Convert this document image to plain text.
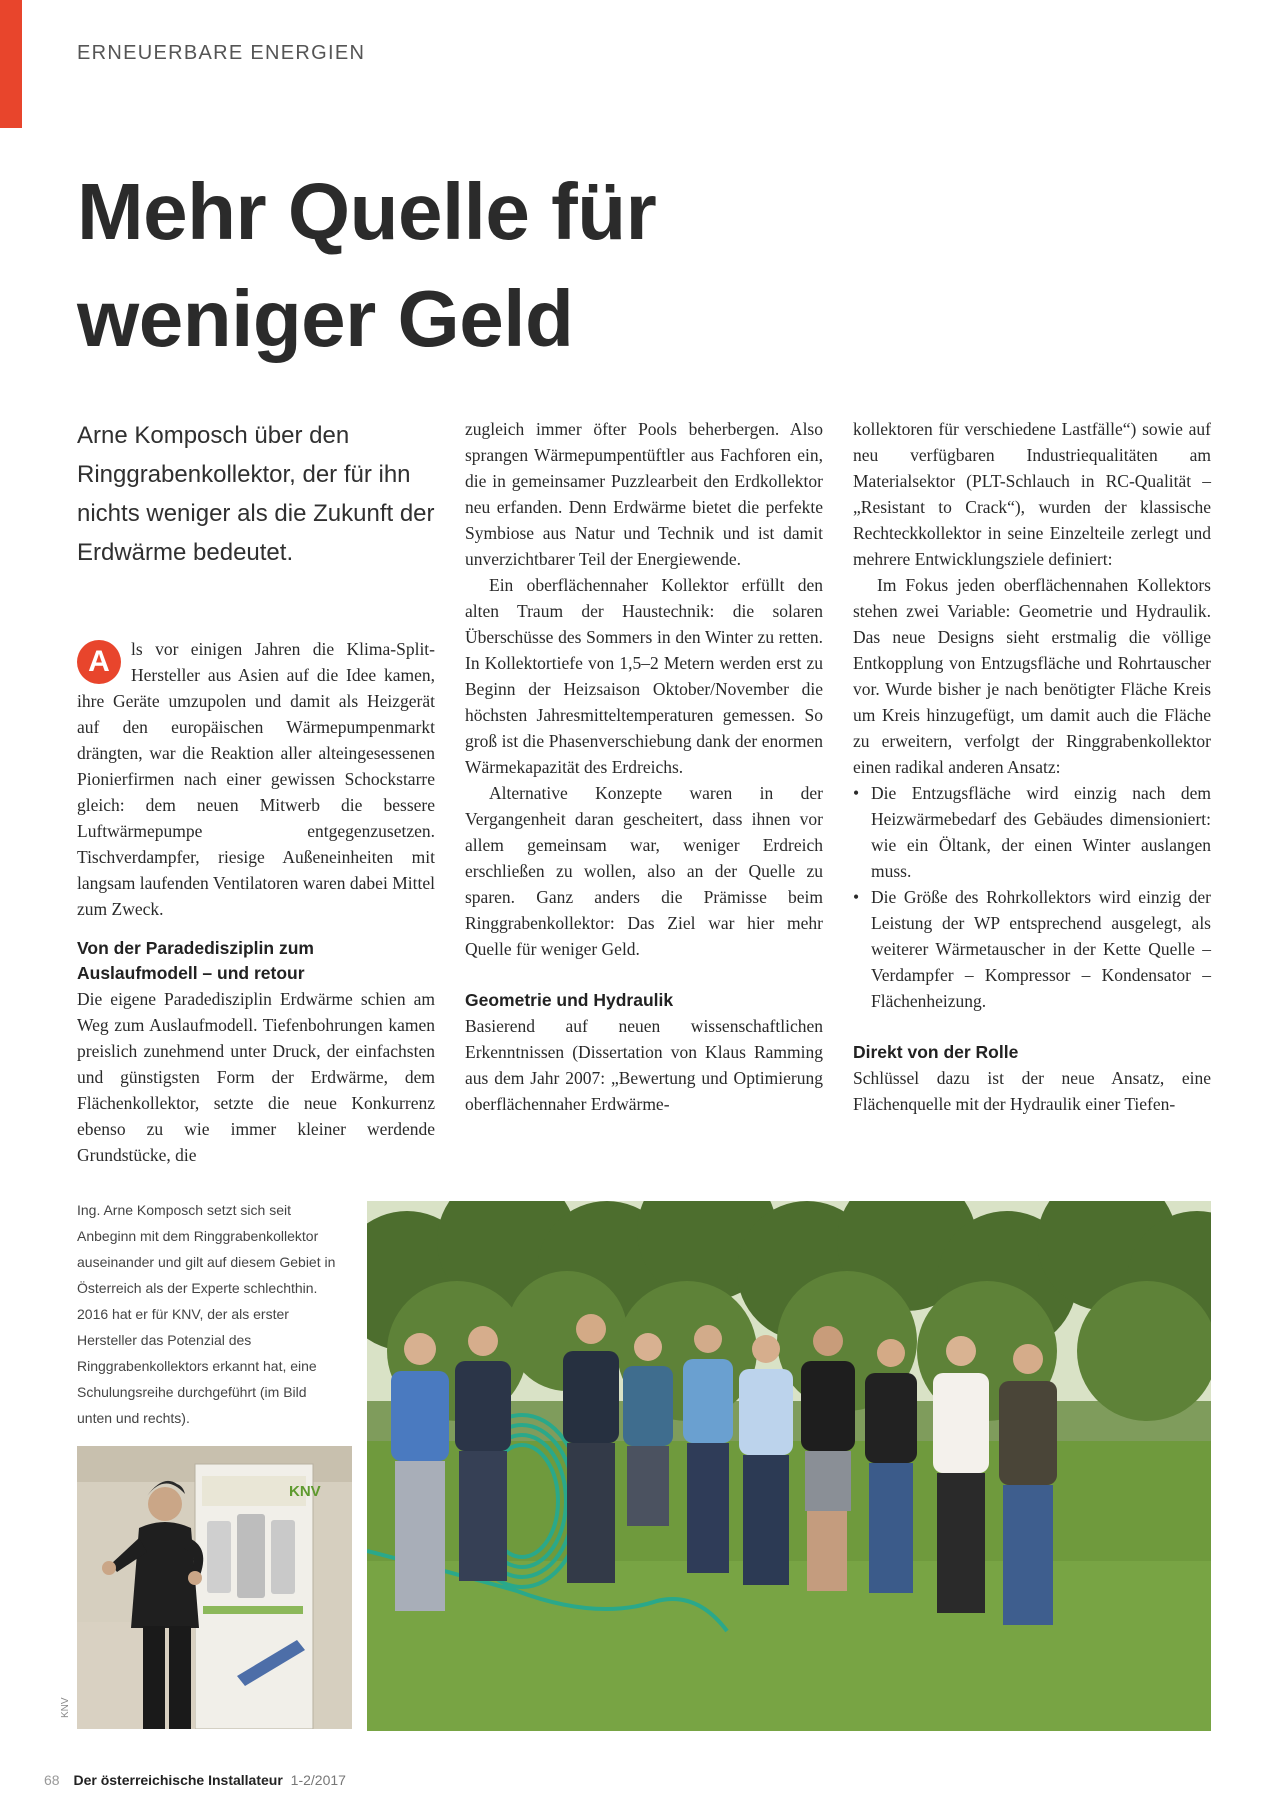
ERNEUERBARE ENERGIEN
Mehr Quelle für
weniger Geld

Arne Komposch über den Ringgrabenkollektor, der für ihn nichts weniger als die Zukunft der Erdwärme bedeutet.

A	ls vor einigen Jahren die Klima-Split-Hersteller aus Asien auf die Idee kamen, ihre Geräte umzupolen und damit als Heizgerät auf den europäischen Wärmepumpenmarkt drängten, war die Reaktion aller alteingesessenen Pionierfirmen nach einer gewissen Schockstarre gleich: dem neuen Mitwerb die bessere Luftwärmepumpe entgegenzusetzen. Tischverdampfer, riesige Außeneinheiten mit langsam laufenden Ventilatoren waren dabei Mittel zum Zweck.

Von der Paradedisziplin zum Auslaufmodell – und retour

Die eigene Paradedisziplin Erdwärme schien am Weg zum Auslaufmodell. Tiefenbohrungen kamen preislich zunehmend unter Druck, der einfachsten und günstigsten Form der Erdwärme, dem Flächenkollektor, setzte die neue Konkurrenz ebenso zu wie immer kleiner werdende Grundstücke, die

zugleich immer öfter Pools beherbergen. Also sprangen Wärmepumpentüftler aus Fachforen ein, die in gemeinsamer Puzzlearbeit den Erdkollektor neu erfanden. Denn Erdwärme bietet die perfekte Symbiose aus Natur und Technik und ist damit unverzichtbarer Teil der Energiewende.

Ein oberflächennaher Kollektor erfüllt den alten Traum der Haustechnik: die solaren Überschüsse des Sommers in den Winter zu retten. In Kollektortiefe von 1,5–2 Metern werden erst zu Beginn der Heizsaison Oktober/November die höchsten Jahresmitteltemperaturen gemessen. So groß ist die Phasenverschiebung dank der enormen Wärmekapazität des Erdreichs.

Alternative Konzepte waren in der Vergangenheit daran gescheitert, dass ihnen vor allem gemeinsam war, weniger Erdreich erschließen zu wollen, also an der Quelle zu sparen. Ganz anders die Prämisse beim Ringgrabenkollektor: Das Ziel war hier mehr Quelle für weniger Geld.

Geometrie und Hydraulik

Basierend auf neuen wissenschaftlichen Erkenntnissen (Dissertation von Klaus Ramming aus dem Jahr 2007: „Bewertung und Optimierung oberflächennaher Erdwärme-

kollektoren für verschiedene Lastfälle“) sowie auf neu verfügbaren Industriequalitäten am Materialsektor (PLT-Schlauch in RC-Qualität – „Resistant to Crack“), wurden der klassische Rechteckkollektor in seine Einzelteile zerlegt und mehrere Entwicklungsziele definiert:

Im Fokus jeden oberflächennahen Kollektors stehen zwei Variable: Geometrie und Hydraulik. Das neue Designs sieht erstmalig die völlige Entkopplung von Entzugsfläche und Rohrtauscher vor. Wurde bisher je nach benötigter Fläche Kreis um Kreis hinzugefügt, um damit auch die Fläche zu erweitern, verfolgt der Ringgrabenkollektor einen radikal anderen Ansatz:

• Die Entzugsfläche wird einzig nach dem Heizwärmebedarf des Gebäudes dimensioniert: wie ein Öltank, der einen Winter auslangen muss.
• Die Größe des Rohrkollektors wird einzig der Leistung der WP entsprechend ausgelegt, als weiterer Wärmetauscher in der Kette Quelle – Verdampfer – Kompressor – Kondensator – Flächenheizung.
Direkt von der Rolle

Schlüssel dazu ist der neue Ansatz, eine Flächenquelle mit der Hydraulik einer Tiefen-

Ing. Arne Komposch setzt sich seit Anbeginn mit dem Ringgrabenkollektor auseinander und gilt auf diesem Gebiet in Österreich als der Experte schlechthin. 2016 hat er für KNV, der als erster Hersteller das Potenzial des Ringgrabenkollektors erkannt hat, eine Schulungsreihe durchgeführt (im Bild unten und rechts).

KNV
KNV
68 Der österreichische Installateur 1-2/2017
